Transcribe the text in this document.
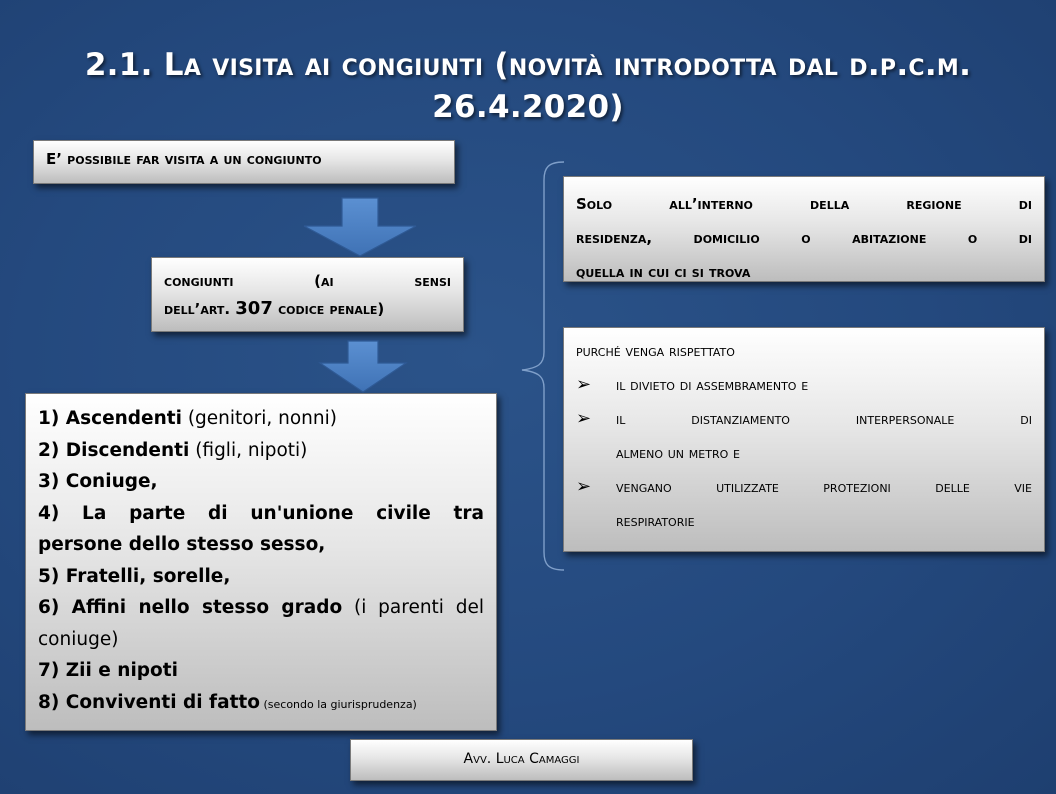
2.1. La visita ai congiunti (novità introdotta dal d.p.c.m.
26.4.2020)
E’ possibile far visita a un congiunto
congiunti (ai sensi
dell’art. 307 codice penale)
1) Ascendenti (genitori, nonni)
2) Discendenti (figli, nipoti)
3) Coniuge,
4) La parte di un'unione civile tra
persone dello stesso sesso,
5) Fratelli, sorelle,
6) Affini nello stesso grado (i parenti del
coniuge)
7) Zii e nipoti
8) Conviventi di fatto (secondo la giurisprudenza)
Solo all’interno della regione di
residenza, domicilio o abitazione o di
quella in cui ci si trova
purché venga rispettato
➢	il divieto di assembramento e
➢	il distanziamento interpersonale di
almeno un metro e
➢	vengano utilizzate protezioni delle vie
respiratorie
Avv. Luca Camaggi
